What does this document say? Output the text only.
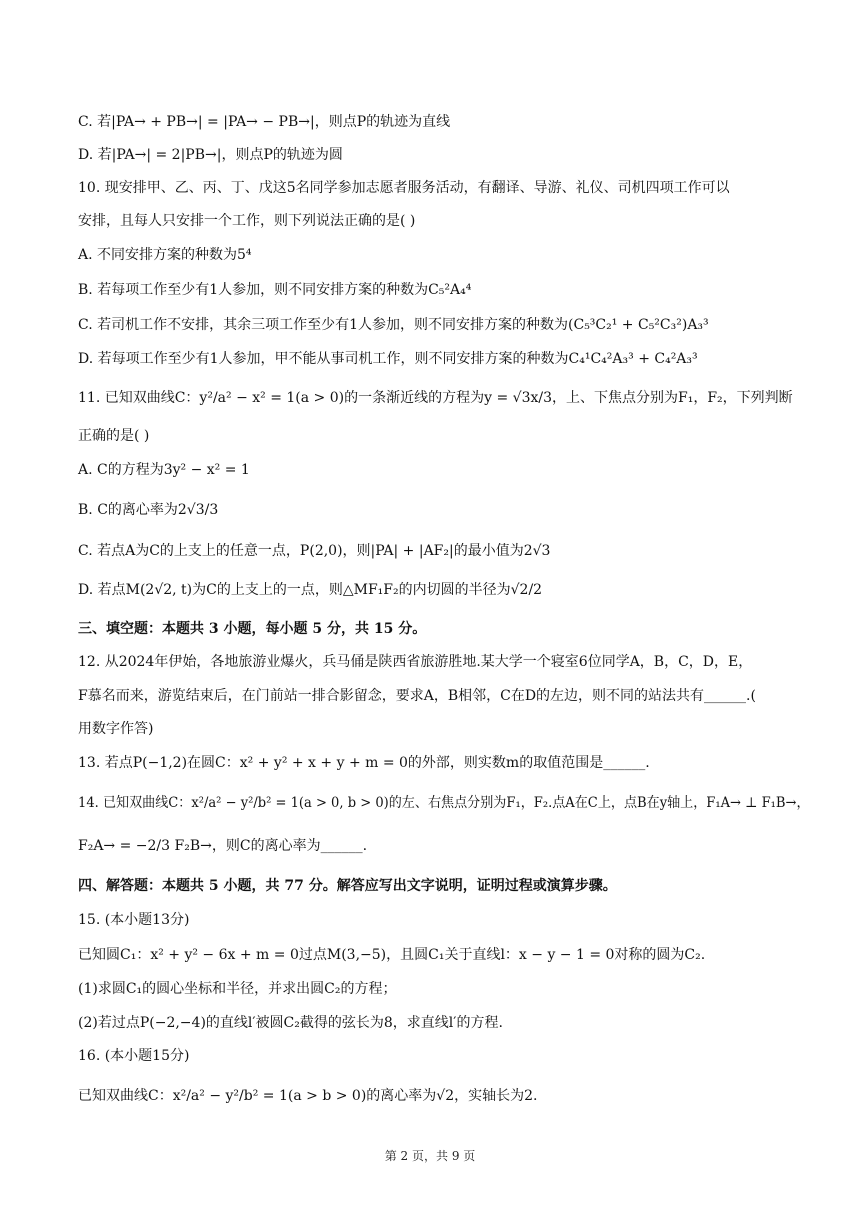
C. 若|PA→ + PB→| = |PA→ − PB→|，则点P的轨迹为直线
D. 若|PA→| = 2|PB→|，则点P的轨迹为圆
10. 现安排甲、乙、丙、丁、戊这5名同学参加志愿者服务活动，有翻译、导游、礼仪、司机四项工作可以
安排，且每人只安排一个工作，则下列说法正确的是( )
A. 不同安排方案的种数为5⁴
B. 若每项工作至少有1人参加，则不同安排方案的种数为C₅²A₄⁴
C. 若司机工作不安排，其余三项工作至少有1人参加，则不同安排方案的种数为(C₅³C₂¹ + C₅²C₃²)A₃³
D. 若每项工作至少有1人参加，甲不能从事司机工作，则不同安排方案的种数为C₄¹C₄²A₃³ + C₄²A₃³
11. 已知双曲线C：y²/a² − x² = 1(a > 0)的一条渐近线的方程为y = √3x/3，上、下焦点分别为F₁，F₂，下列判断
正确的是( )
A. C的方程为3y² − x² = 1
B. C的离心率为2√3/3
C. 若点A为C的上支上的任意一点，P(2,0)，则|PA| + |AF₂|的最小值为2√3
D. 若点M(2√2, t)为C的上支上的一点，则△MF₁F₂的内切圆的半径为√2/2
三、填空题：本题共 3 小题，每小题 5 分，共 15 分。
12. 从2024年伊始，各地旅游业爆火，兵马俑是陕西省旅游胜地.某大学一个寝室6位同学A，B，C，D，E，
F慕名而来，游览结束后，在门前站一排合影留念，要求A，B相邻，C在D的左边，则不同的站法共有______.(
用数字作答)
13. 若点P(−1,2)在圆C：x² + y² + x + y + m = 0的外部，则实数m的取值范围是______.
14. 已知双曲线C：x²/a² − y²/b² = 1(a > 0, b > 0)的左、右焦点分别为F₁，F₂.点A在C上，点B在y轴上，F₁A→ ⊥ F₁B→，
F₂A→ = −2/3 F₂B→，则C的离心率为______.
四、解答题：本题共 5 小题，共 77 分。解答应写出文字说明，证明过程或演算步骤。
15. (本小题13分)
已知圆C₁：x² + y² − 6x + m = 0过点M(3,−5)，且圆C₁关于直线l：x − y − 1 = 0对称的圆为C₂.
(1)求圆C₁的圆心坐标和半径，并求出圆C₂的方程；
(2)若过点P(−2,−4)的直线l′被圆C₂截得的弦长为8，求直线l′的方程.
16. (本小题15分)
已知双曲线C：x²/a² − y²/b² = 1(a > b > 0)的离心率为√2，实轴长为2.
第 2 页，共 9 页
